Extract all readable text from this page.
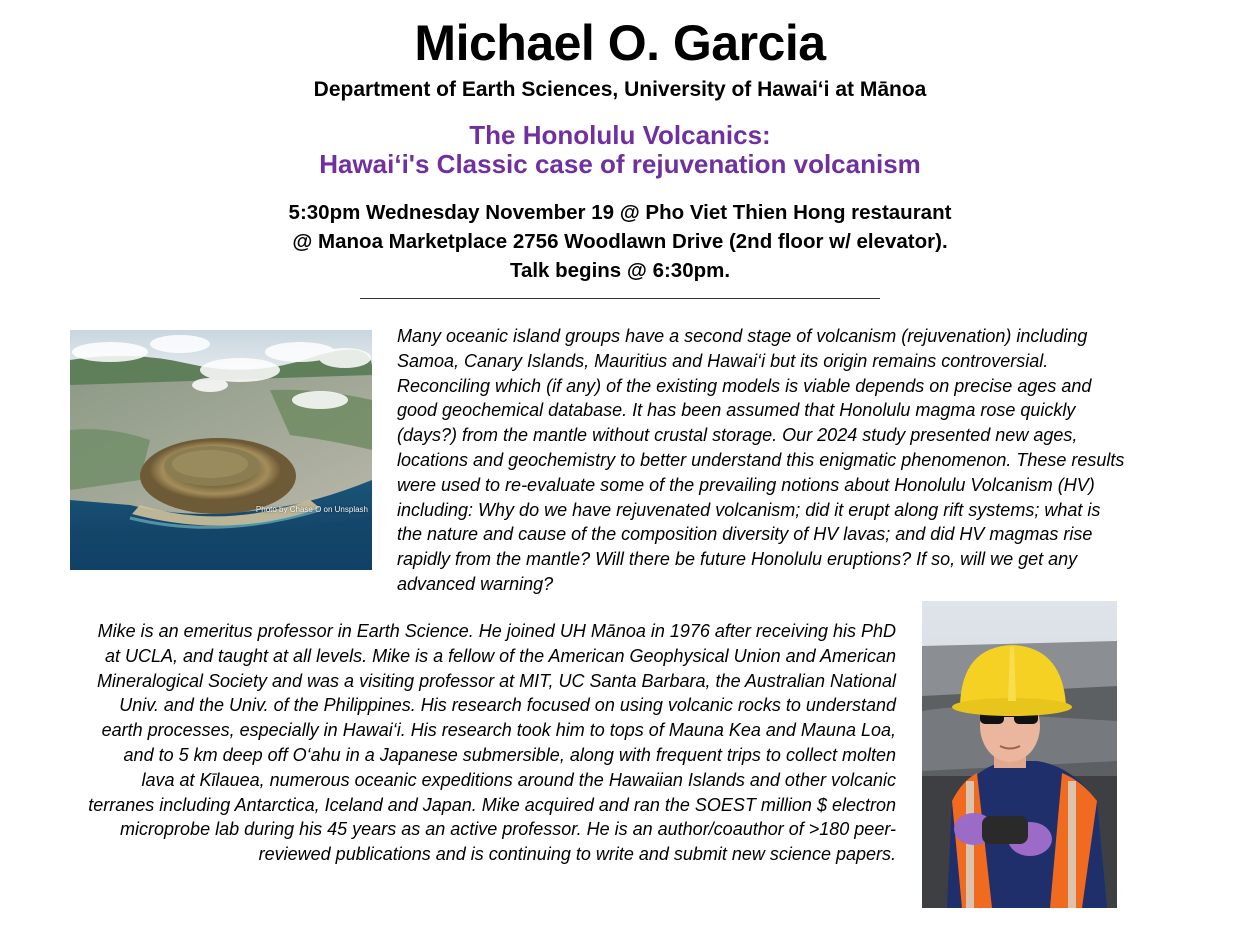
Michael O. Garcia
Department of Earth Sciences, University of Hawai‘i at Mānoa
The Honolulu Volcanics:
Hawai‘i's Classic case of rejuvenation volcanism
5:30pm Wednesday November 19 @ Pho Viet Thien Hong restaurant
@ Manoa Marketplace 2756 Woodlawn Drive (2nd floor w/ elevator).
Talk begins @ 6:30pm.
Photo by Chase O on Unsplash
Many oceanic island groups have a second stage of volcanism (rejuvenation) including Samoa, Canary Islands, Mauritius and Hawai‘i but its origin remains controversial. Reconciling which (if any) of the existing models is viable depends on precise ages and good geochemical database. It has been assumed that Honolulu magma rose quickly (days?) from the mantle without crustal storage. Our 2024 study presented new ages, locations and geochemistry to better understand this enigmatic phenomenon. These results were used to re-evaluate some of the prevailing notions about Honolulu Volcanism (HV) including: Why do we have rejuvenated volcanism; did it erupt along rift systems; what is the nature and cause of the composition diversity of HV lavas; and did HV magmas rise rapidly from the mantle? Will there be future Honolulu eruptions? If so, will we get any advanced warning?
Mike is an emeritus professor in Earth Science. He joined UH Mānoa in 1976 after receiving his PhD at UCLA, and taught at all levels. Mike is a fellow of the American Geophysical Union and American Mineralogical Society and was a visiting professor at MIT, UC Santa Barbara, the Australian National Univ. and the Univ. of the Philippines. His research focused on using volcanic rocks to understand earth processes, especially in Hawai‘i. His research took him to tops of Mauna Kea and Mauna Loa, and to 5 km deep off O‘ahu in a Japanese submersible, along with frequent trips to collect molten lava at Kīlauea, numerous oceanic expeditions around the Hawaiian Islands and other volcanic terranes including Antarctica, Iceland and Japan. Mike acquired and ran the SOEST million $ electron microprobe lab during his 45 years as an active professor. He is an author/coauthor of >180 peer-reviewed publications and is continuing to write and submit new science papers.
